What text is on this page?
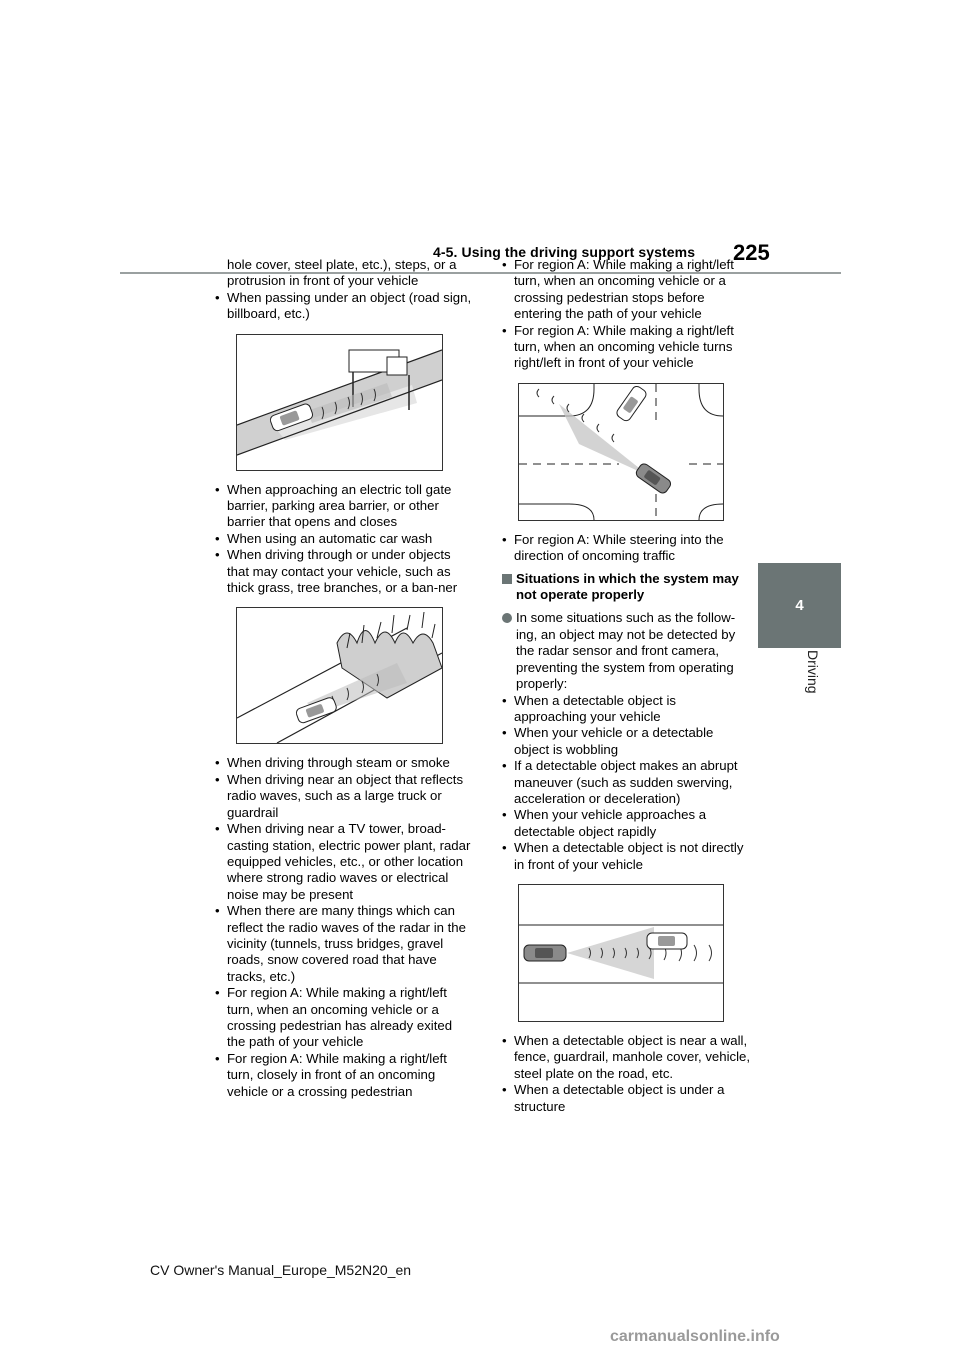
4-5. Using the driving support systems 225
4
Driving

hole cover, steel plate, etc.), steps, or a protrusion in front of your vehicle

• When passing under an object (road sign, billboard, etc.)
• When approaching an electric toll gate barrier, parking area barrier, or other barrier that opens and closes
• When using an automatic car wash
• When driving through or under objects that may contact your vehicle, such as thick grass, tree branches, or a ban-ner
• When driving through steam or smoke
• When driving near an object that reflects radio waves, such as a large truck or guardrail
• When driving near a TV tower, broad-casting station, electric power plant, radar equipped vehicles, etc., or other location where strong radio waves or electrical noise may be present
• When there are many things which can reflect the radio waves of the radar in the vicinity (tunnels, truss bridges, gravel roads, snow covered road that have tracks, etc.)
• For region A: While making a right/left turn, when an oncoming vehicle or a crossing pedestrian has already exited the path of your vehicle
• For region A: While making a right/left turn, closely in front of an oncoming vehicle or a crossing pedestrian
• For region A: While making a right/left turn, when an oncoming vehicle or a crossing pedestrian stops before entering the path of your vehicle
• For region A: While making a right/left turn, when an oncoming vehicle turns right/left in front of your vehicle
• For region A: While steering into the direction of oncoming traffic
Situations in which the system may not operate properly
In some situations such as the follow-ing, an object may not be detected by the radar sensor and front camera, preventing the system from operating properly:
• When a detectable object is approaching your vehicle
• When your vehicle or a detectable object is wobbling
• If a detectable object makes an abrupt maneuver (such as sudden swerving, acceleration or deceleration)
• When your vehicle approaches a detectable object rapidly
• When a detectable object is not directly in front of your vehicle
• When a detectable object is near a wall, fence, guardrail, manhole cover, vehicle, steel plate on the road, etc.
• When a detectable object is under a structure
CV Owner's Manual_Europe_M52N20_en
carmanualsonline.info
